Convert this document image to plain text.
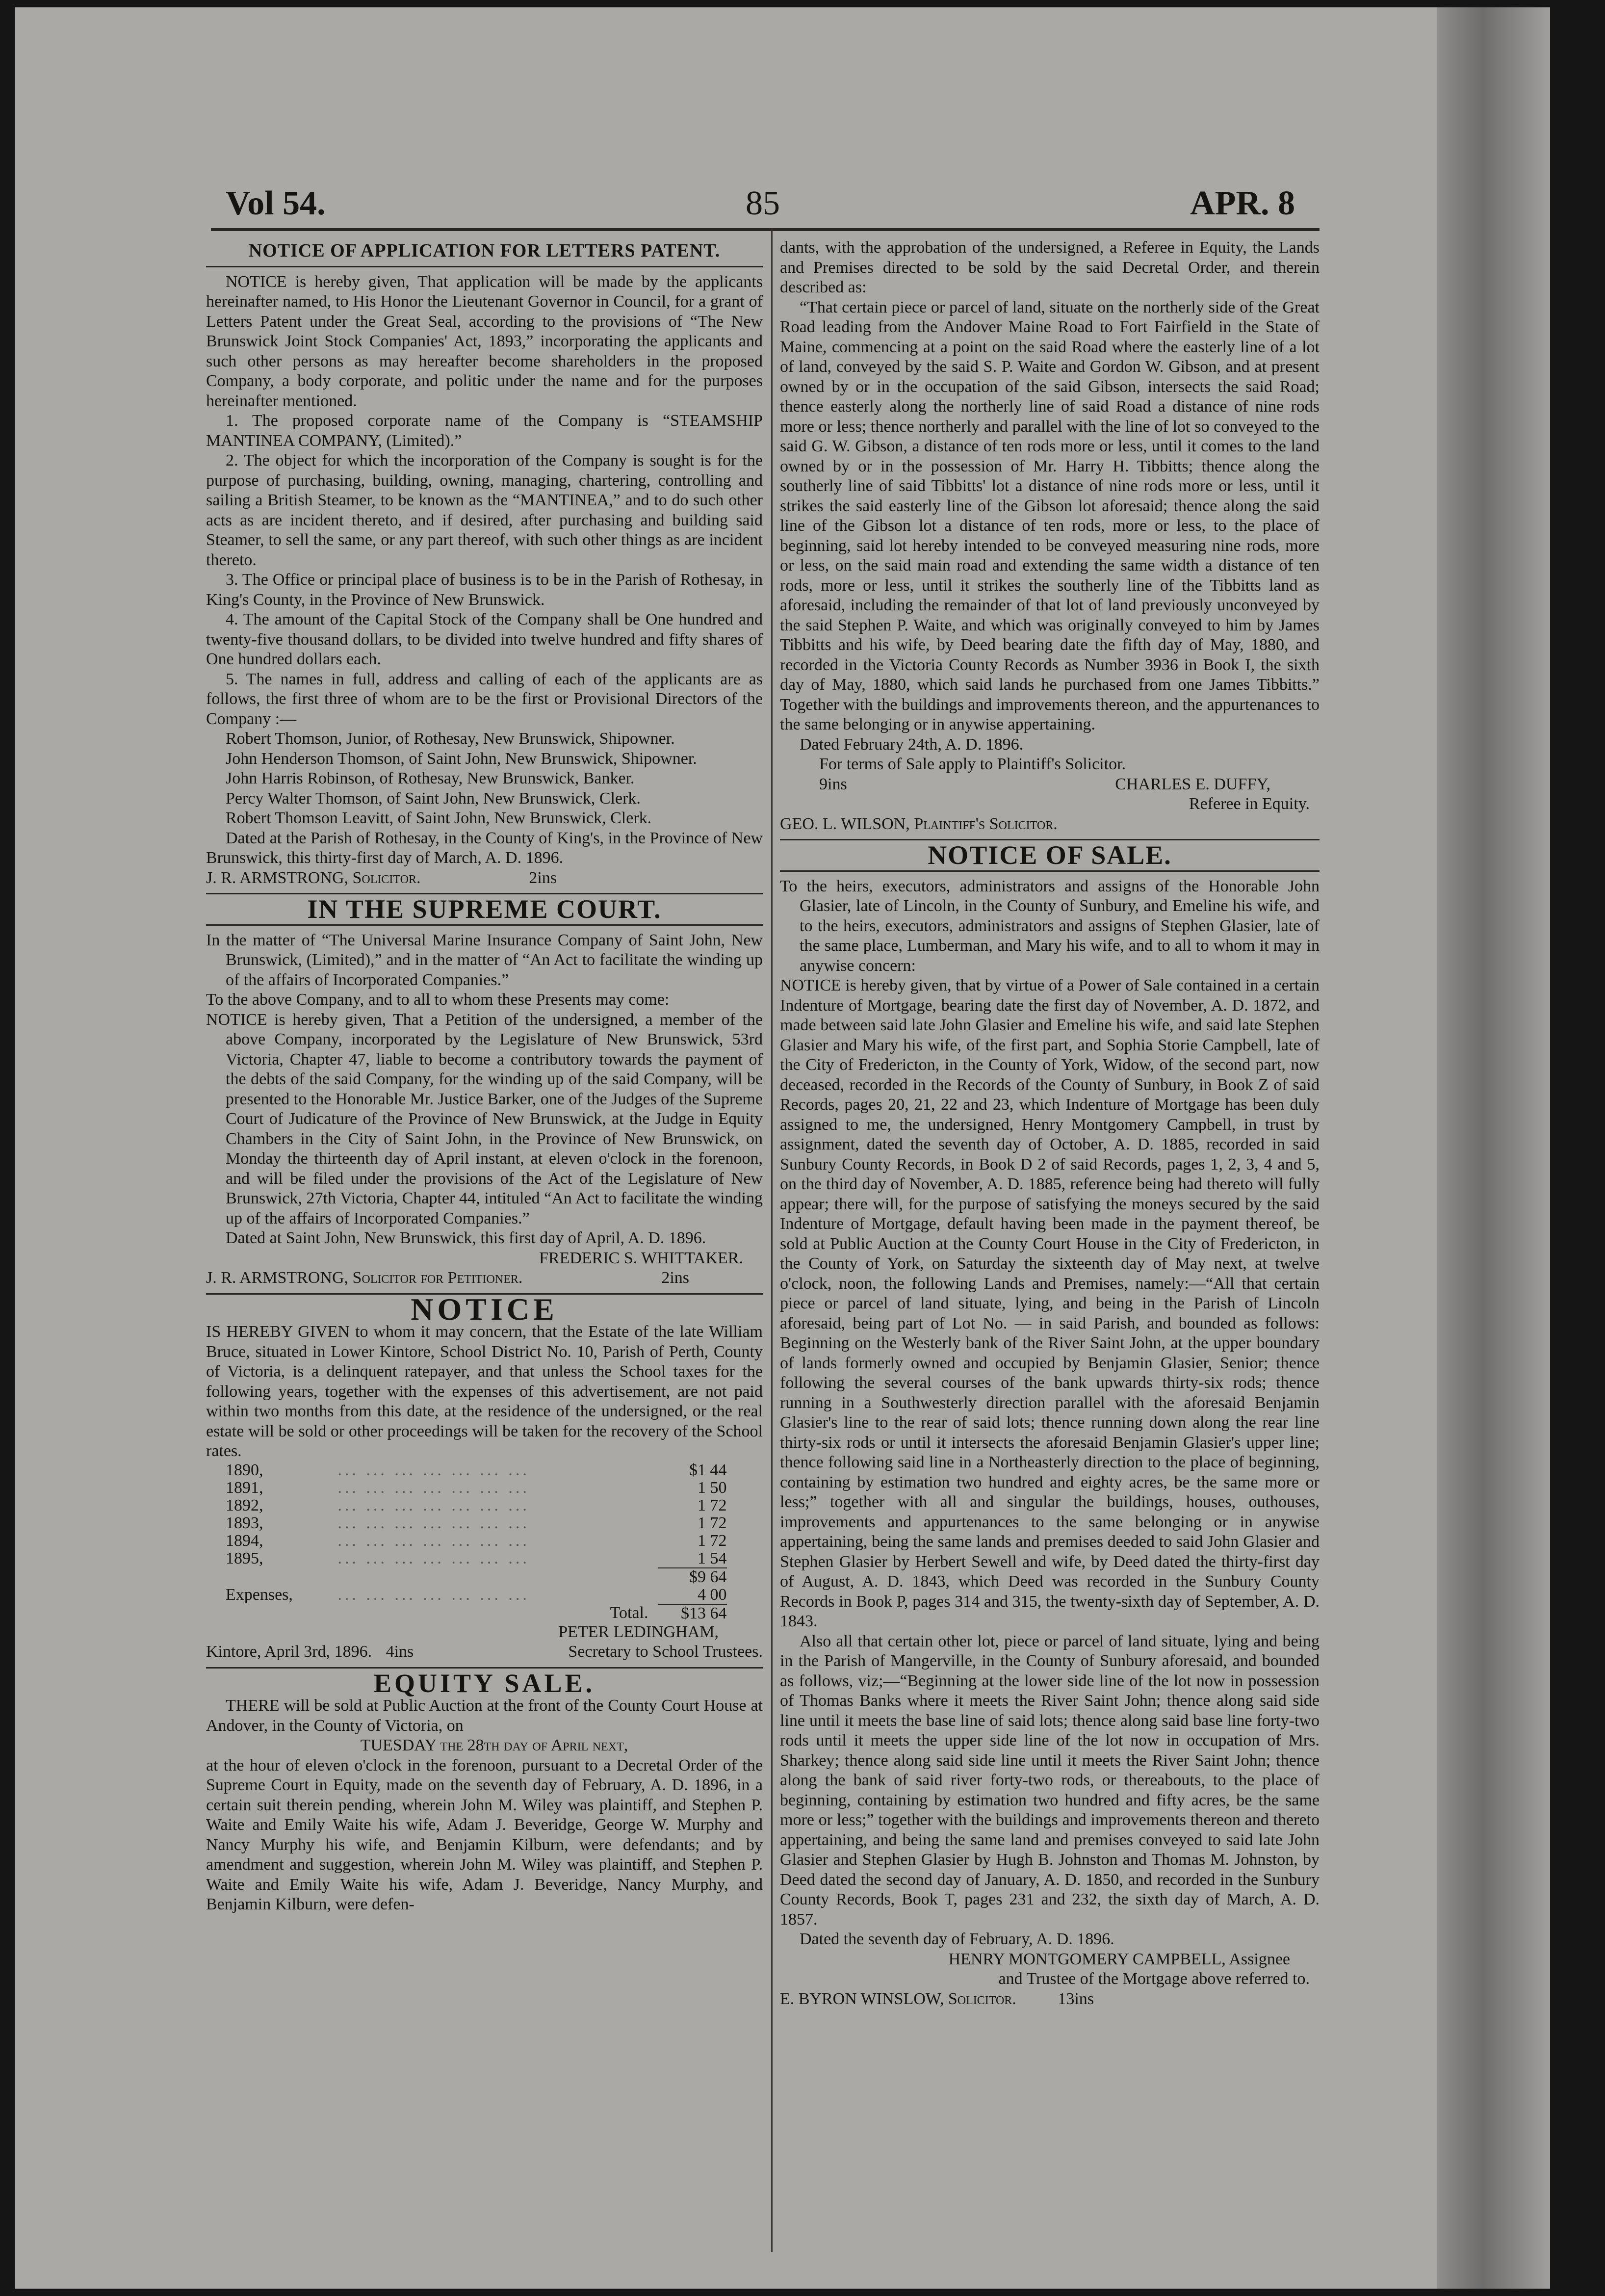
Vol 54.	85	APR. 8
NOTICE OF APPLICATION FOR LETTERS PATENT.

NOTICE is hereby given, That application will be made by the applicants hereinafter named, to His Honor the Lieutenant Governor in Council, for a grant of Letters Patent under the Great Seal, according to the provisions of “The New Brunswick Joint Stock Companies' Act, 1893,” incorporating the applicants and such other persons as may hereafter become shareholders in the proposed Company, a body corporate, and politic under the name and for the purposes hereinafter mentioned.

1. The proposed corporate name of the Company is “STEAMSHIP MANTINEA COMPANY, (Limited).”

2. The object for which the incorporation of the Company is sought is for the purpose of purchasing, building, owning, managing, chartering, controlling and sailing a British Steamer, to be known as the “MANTINEA,” and to do such other acts as are incident thereto, and if desired, after purchasing and building said Steamer, to sell the same, or any part thereof, with such other things as are incident thereto.

3. The Office or principal place of business is to be in the Parish of Rothesay, in King's County, in the Province of New Brunswick.

4. The amount of the Capital Stock of the Company shall be One hundred and twenty-five thousand dollars, to be divided into twelve hundred and fifty shares of One hundred dollars each.

5. The names in full, address and calling of each of the applicants are as follows, the first three of whom are to be the first or Provisional Directors of the Company :—

Robert Thomson, Junior, of Rothesay, New Brunswick, Shipowner.

John Henderson Thomson, of Saint John, New Brunswick, Shipowner.

John Harris Robinson, of Rothesay, New Brunswick, Banker.

Percy Walter Thomson, of Saint John, New Brunswick, Clerk.

Robert Thomson Leavitt, of Saint John, New Brunswick, Clerk.

Dated at the Parish of Rothesay, in the County of King's, in the Province of New Brunswick, this thirty-first day of March, A. D. 1896.

J. R. ARMSTRONG, Solicitor.	2ins
IN THE SUPREME COURT.

In the matter of “The Universal Marine Insurance Company of Saint John, New Brunswick, (Limited),” and in the matter of “An Act to facilitate the winding up of the affairs of Incorporated Companies.”

To the above Company, and to all to whom these Presents may come:

NOTICE is hereby given, That a Petition of the undersigned, a member of the above Company, incorporated by the Legislature of New Brunswick, 53rd Victoria, Chapter 47, liable to become a contributory towards the payment of the debts of the said Company, for the winding up of the said Company, will be presented to the Honorable Mr. Justice Barker, one of the Judges of the Supreme Court of Judicature of the Province of New Brunswick, at the Judge in Equity Chambers in the City of Saint John, in the Province of New Brunswick, on Monday the thirteenth day of April instant, at eleven o'clock in the forenoon, and will be filed under the provisions of the Act of the Legislature of New Brunswick, 27th Victoria, Chapter 44, intituled “An Act to facilitate the winding up of the affairs of Incorporated Companies.”

Dated at Saint John, New Brunswick, this first day of April, A. D. 1896.

FREDERIC S. WHITTAKER.
J. R. ARMSTRONG, Solicitor for Petitioner.	2ins
NOTICE

IS HEREBY GIVEN to whom it may concern, that the Estate of the late William Bruce, situated in Lower Kintore, School District No. 10, Parish of Perth, County of Victoria, is a delinquent ratepayer, and that unless the School taxes for the following years, together with the expenses of this advertisement, are not paid within two months from this date, at the residence of the undersigned, or the real estate will be sold or other proceedings will be taken for the recovery of the School rates.

1890,	... ... ... ... ... ... ...	$1 44
1891,	... ... ... ... ... ... ...	1 50
1892,	... ... ... ... ... ... ...	1 72
1893,	... ... ... ... ... ... ...	1 72
1894,	... ... ... ... ... ... ...	1 72
1895,	... ... ... ... ... ... ...	1 54
		$9 64
Expenses,	... ... ... ... ... ... ...	4 00
	Total.	$13 64
PETER LEDINGHAM,
Kintore, April 3rd, 1896. 4ins	Secretary to School Trustees.
EQUITY SALE.

THERE will be sold at Public Auction at the front of the County Court House at Andover, in the County of Victoria, on

TUESDAY the 28th day of April next,

at the hour of eleven o'clock in the forenoon, pursuant to a Decretal Order of the Supreme Court in Equity, made on the seventh day of February, A. D. 1896, in a certain suit therein pending, wherein John M. Wiley was plaintiff, and Stephen P. Waite and Emily Waite his wife, Adam J. Beveridge, George W. Murphy and Nancy Murphy his wife, and Benjamin Kilburn, were defendants; and by amendment and suggestion, wherein John M. Wiley was plaintiff, and Stephen P. Waite and Emily Waite his wife, Adam J. Beveridge, Nancy Murphy, and Benjamin Kilburn, were defen-

dants, with the approbation of the undersigned, a Referee in Equity, the Lands and Premises directed to be sold by the said Decretal Order, and therein described as:

“That certain piece or parcel of land, situate on the northerly side of the Great Road leading from the Andover Maine Road to Fort Fairfield in the State of Maine, commencing at a point on the said Road where the easterly line of a lot of land, conveyed by the said S. P. Waite and Gordon W. Gibson, and at present owned by or in the occupation of the said Gibson, intersects the said Road; thence easterly along the northerly line of said Road a distance of nine rods more or less; thence northerly and parallel with the line of lot so conveyed to the said G. W. Gibson, a distance of ten rods more or less, until it comes to the land owned by or in the possession of Mr. Harry H. Tibbitts; thence along the southerly line of said Tibbitts' lot a distance of nine rods more or less, until it strikes the said easterly line of the Gibson lot aforesaid; thence along the said line of the Gibson lot a distance of ten rods, more or less, to the place of beginning, said lot hereby intended to be conveyed measuring nine rods, more or less, on the said main road and extending the same width a distance of ten rods, more or less, until it strikes the southerly line of the Tibbitts land as aforesaid, including the remainder of that lot of land previously unconveyed by the said Stephen P. Waite, and which was originally conveyed to him by James Tibbitts and his wife, by Deed bearing date the fifth day of May, 1880, and recorded in the Victoria County Records as Number 3936 in Book I, the sixth day of May, 1880, which said lands he purchased from one James Tibbitts.” Together with the buildings and improvements thereon, and the appurtenances to the same belonging or in anywise appertaining.

Dated February 24th, A. D. 1896.

For terms of Sale apply to Plaintiff's Solicitor.

9ins	CHARLES E. DUFFY,
Referee in Equity.
GEO. L. WILSON, Plaintiff's Solicitor.
NOTICE OF SALE.

To the heirs, executors, administrators and assigns of the Honorable John Glasier, late of Lincoln, in the County of Sunbury, and Emeline his wife, and to the heirs, executors, administrators and assigns of Stephen Glasier, late of the same place, Lumberman, and Mary his wife, and to all to whom it may in anywise concern:

NOTICE is hereby given, that by virtue of a Power of Sale contained in a certain Indenture of Mortgage, bearing date the first day of November, A. D. 1872, and made between said late John Glasier and Emeline his wife, and said late Stephen Glasier and Mary his wife, of the first part, and Sophia Storie Campbell, late of the City of Fredericton, in the County of York, Widow, of the second part, now deceased, recorded in the Records of the County of Sunbury, in Book Z of said Records, pages 20, 21, 22 and 23, which Indenture of Mortgage has been duly assigned to me, the undersigned, Henry Montgomery Campbell, in trust by assignment, dated the seventh day of October, A. D. 1885, recorded in said Sunbury County Records, in Book D 2 of said Records, pages 1, 2, 3, 4 and 5, on the third day of November, A. D. 1885, reference being had thereto will fully appear; there will, for the purpose of satisfying the moneys secured by the said Indenture of Mortgage, default having been made in the payment thereof, be sold at Public Auction at the County Court House in the City of Fredericton, in the County of York, on Saturday the sixteenth day of May next, at twelve o'clock, noon, the following Lands and Premises, namely:—“All that certain piece or parcel of land situate, lying, and being in the Parish of Lincoln aforesaid, being part of Lot No. — in said Parish, and bounded as follows: Beginning on the Westerly bank of the River Saint John, at the upper boundary of lands formerly owned and occupied by Benjamin Glasier, Senior; thence following the several courses of the bank upwards thirty-six rods; thence running in a Southwesterly direction parallel with the aforesaid Benjamin Glasier's line to the rear of said lots; thence running down along the rear line thirty-six rods or until it intersects the aforesaid Benjamin Glasier's upper line; thence following said line in a Northeasterly direction to the place of beginning, containing by estimation two hundred and eighty acres, be the same more or less;” together with all and singular the buildings, houses, outhouses, improvements and appurtenances to the same belonging or in anywise appertaining, being the same lands and premises deeded to said John Glasier and Stephen Glasier by Herbert Sewell and wife, by Deed dated the thirty-first day of August, A. D. 1843, which Deed was recorded in the Sunbury County Records in Book P, pages 314 and 315, the twenty-sixth day of September, A. D. 1843.

Also all that certain other lot, piece or parcel of land situate, lying and being in the Parish of Mangerville, in the County of Sunbury aforesaid, and bounded as follows, viz;—“Beginning at the lower side line of the lot now in possession of Thomas Banks where it meets the River Saint John; thence along said side line until it meets the base line of said lots; thence along said base line forty-two rods until it meets the upper side line of the lot now in occupation of Mrs. Sharkey; thence along said side line until it meets the River Saint John; thence along the bank of said river forty-two rods, or thereabouts, to the place of beginning, containing by estimation two hundred and fifty acres, be the same more or less;” together with the buildings and improvements thereon and thereto appertaining, and being the same land and premises conveyed to said late John Glasier and Stephen Glasier by Hugh B. Johnston and Thomas M. Johnston, by Deed dated the second day of January, A. D. 1850, and recorded in the Sunbury County Records, Book T, pages 231 and 232, the sixth day of March, A. D. 1857.

Dated the seventh day of February, A. D. 1896.

HENRY MONTGOMERY CAMPBELL, Assignee
and Trustee of the Mortgage above referred to.
E. BYRON WINSLOW, Solicitor. 13ins
